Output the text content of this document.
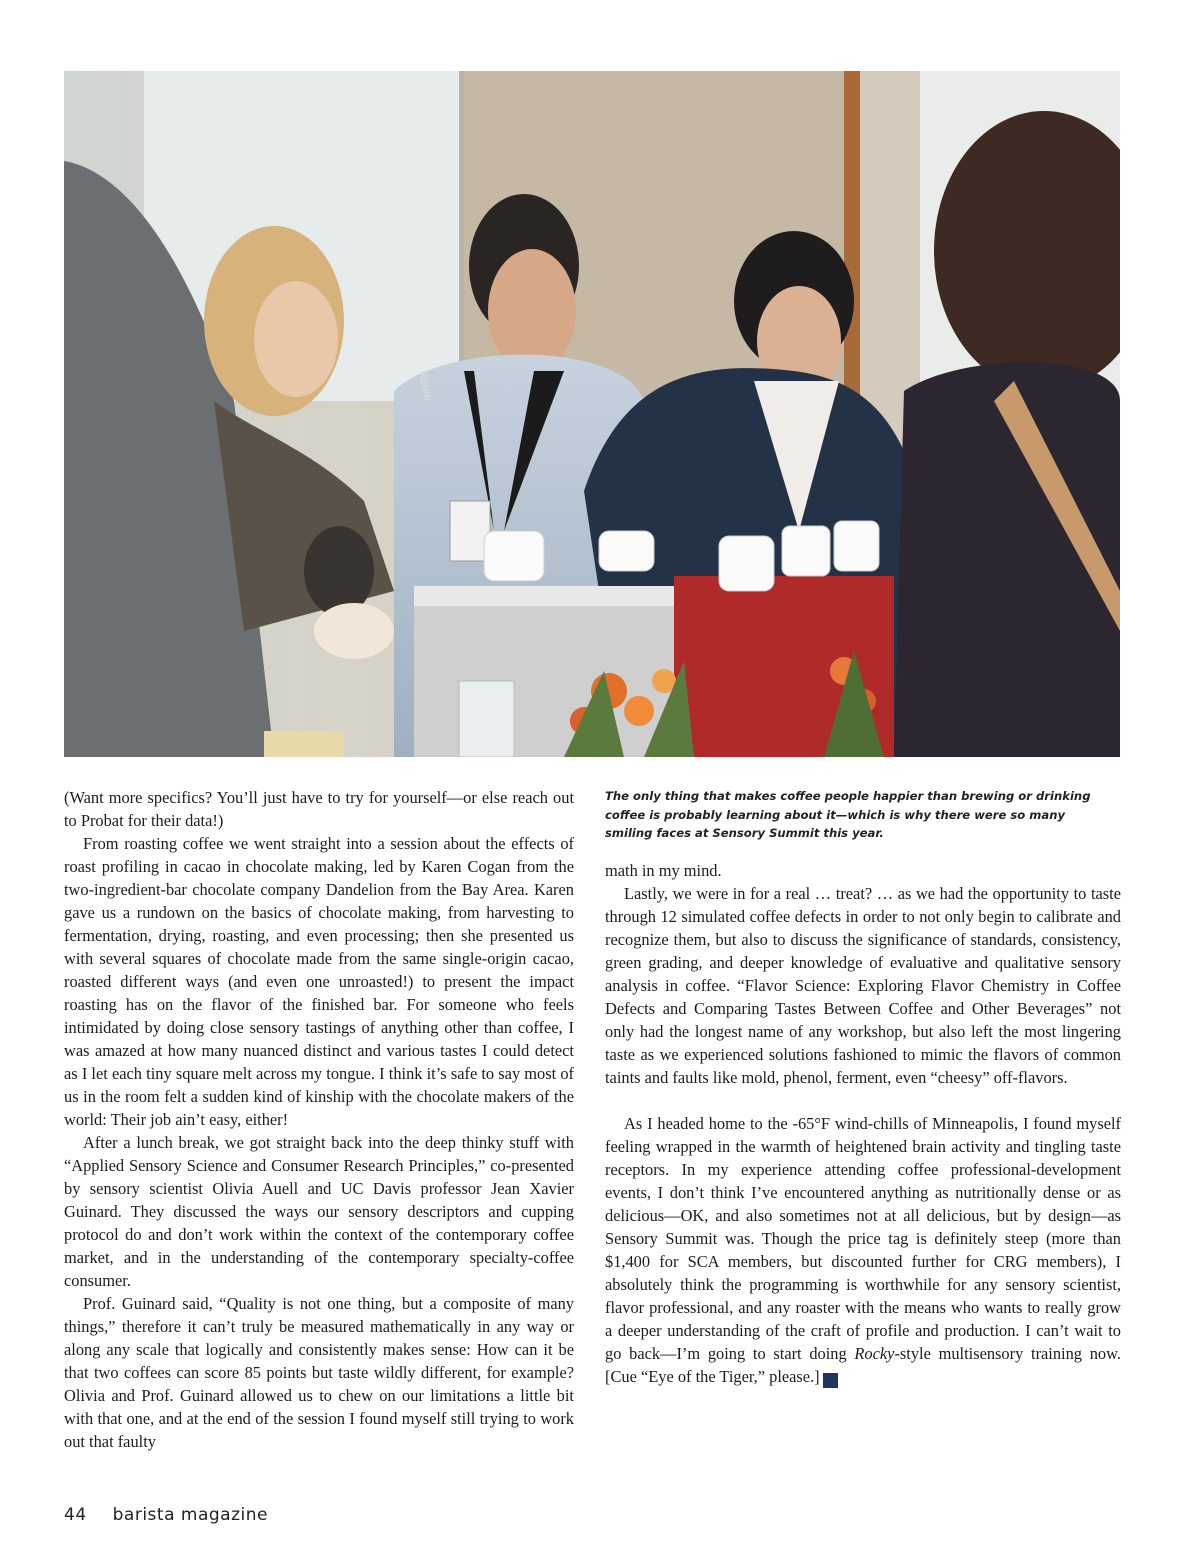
MONIN

The only thing that makes coffee people happier than brewing or drinking coffee is probably learning about it—which is why there were so many smiling faces at Sensory Summit this year.

(Want more specifics? You’ll just have to try for yourself—or else reach out to Probat for their data!)

From roasting coffee we went straight into a session about the effects of roast profiling in cacao in chocolate making, led by Karen Cogan from the two-ingredient-bar chocolate company Dandelion from the Bay Area. Karen gave us a rundown on the basics of chocolate making, from harvesting to fermentation, drying, roasting, and even processing; then she presented us with several squares of chocolate made from the same single-origin cacao, roasted different ways (and even one unroasted!) to present the impact roasting has on the flavor of the finished bar. For someone who feels intimidated by doing close sensory tastings of anything other than coffee, I was amazed at how many nuanced distinct and various tastes I could detect as I let each tiny square melt across my tongue. I think it’s safe to say most of us in the room felt a sudden kind of kinship with the chocolate makers of the world: Their job ain’t easy, either!

After a lunch break, we got straight back into the deep thinky stuff with “Applied Sensory Science and Consumer Research Principles,” co-presented by sensory scientist Olivia Auell and UC Davis professor Jean Xavier Guinard. They discussed the ways our sensory descriptors and cupping protocol do and don’t work within the context of the contemporary coffee market, and in the understanding of the contemporary specialty-coffee consumer.

Prof. Guinard said, “Quality is not one thing, but a composite of many things,” therefore it can’t truly be measured mathematically in any way or along any scale that logically and consistently makes sense: How can it be that two coffees can score 85 points but taste wildly different, for example? Olivia and Prof. Guinard allowed us to chew on our limitations a little bit with that one, and at the end of the session I found myself still trying to work out that faulty

math in my mind.

Lastly, we were in for a real … treat? … as we had the opportunity to taste through 12 simulated coffee defects in order to not only begin to calibrate and recognize them, but also to discuss the significance of standards, consistency, green grading, and deeper knowledge of evaluative and qualitative sensory analysis in coffee. “Flavor Science: Exploring Flavor Chemistry in Coffee Defects and Comparing Tastes Between Coffee and Other Beverages” not only had the longest name of any workshop, but also left the most lingering taste as we experienced solutions fashioned to mimic the flavors of common taints and faults like mold, phenol, ferment, even “cheesy” off-flavors.

As I headed home to the -65°F wind-chills of Minneapolis, I found myself feeling wrapped in the warmth of heightened brain activity and tingling taste receptors. In my experience attending coffee professional-development events, I don’t think I’ve encountered anything as nutritionally dense or as delicious—OK, and also sometimes not at all delicious, but by design—as Sensory Summit was. Though the price tag is definitely steep (more than $1,400 for SCA members, but discounted further for CRG members), I absolutely think the programming is worthwhile for any sensory scientist, flavor professional, and any roaster with the means who wants to really grow a deeper understanding of the craft of profile and production. I can’t wait to go back—I’m going to start doing Rocky-style multisensory training now. [Cue “Eye of the Tiger,” please.] b

44 barista magazine
